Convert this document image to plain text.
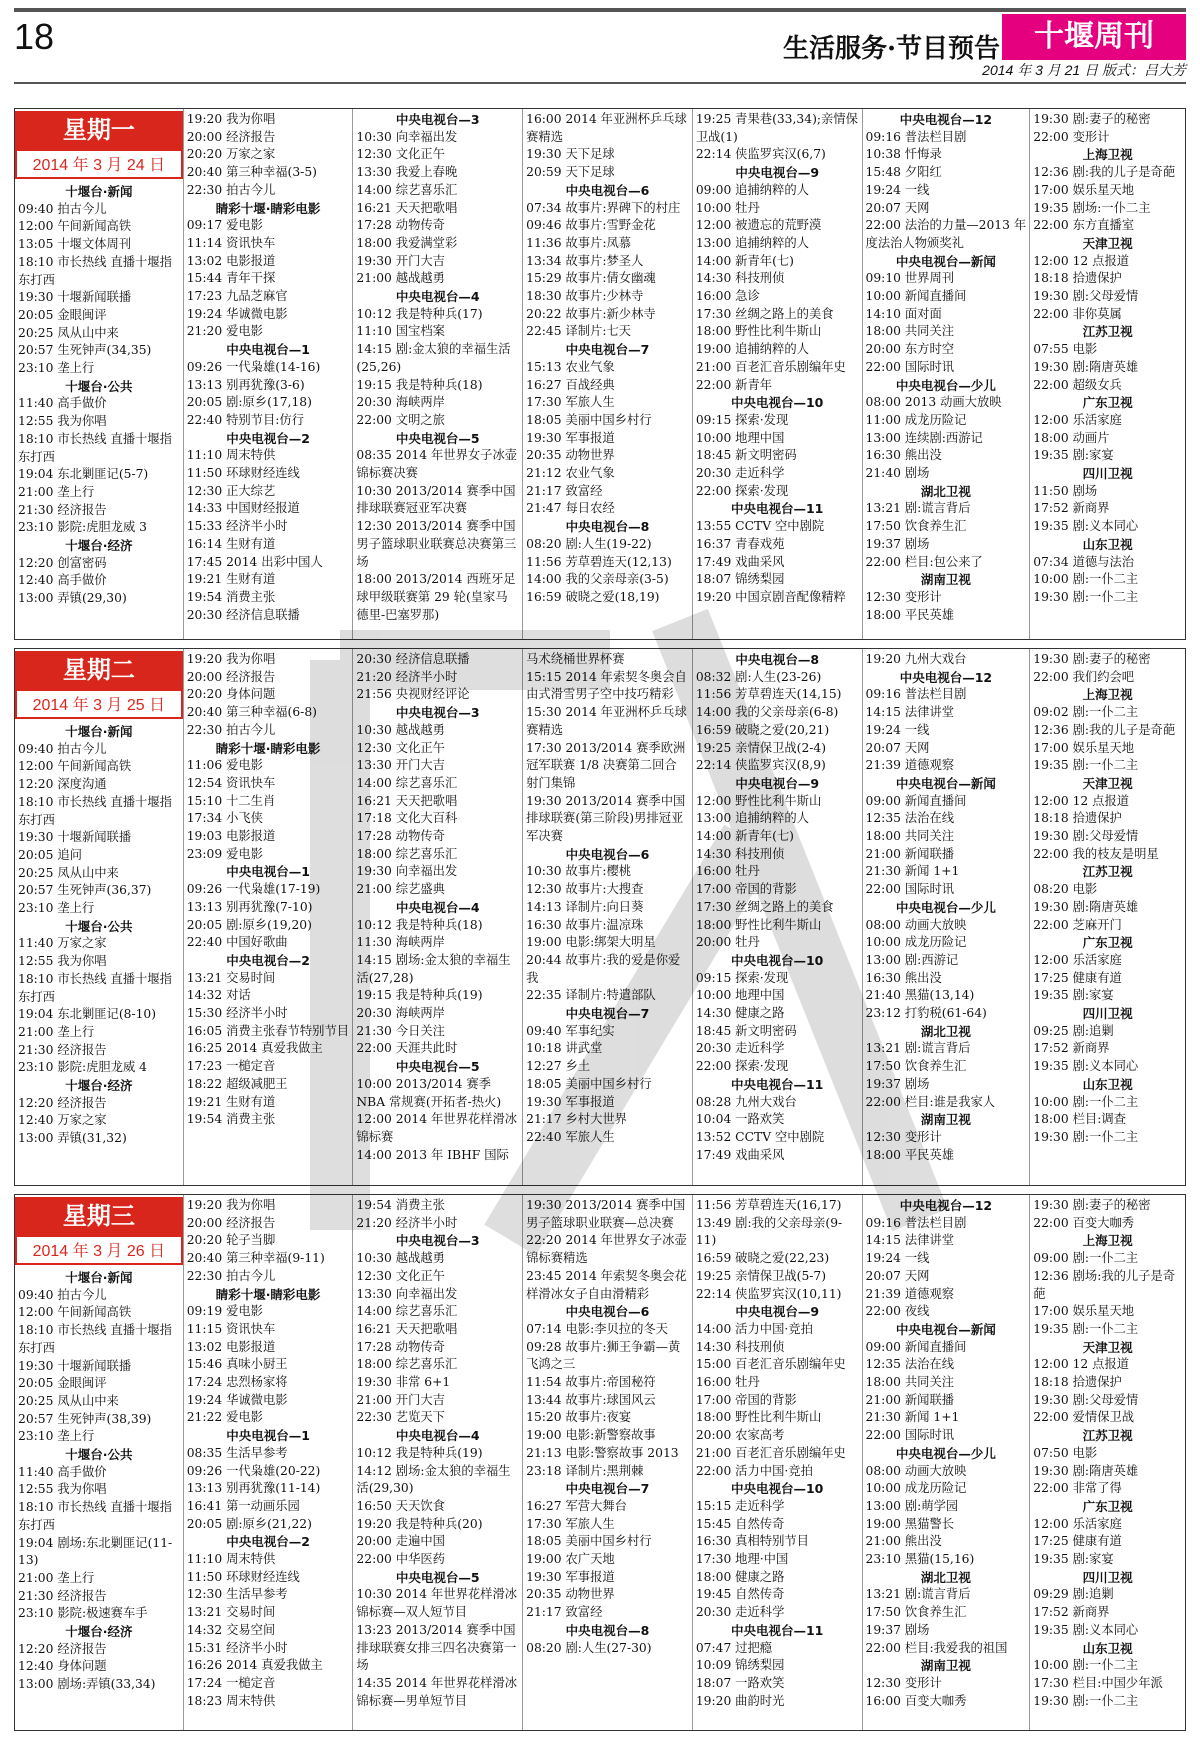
18	生活服务·节目预告	十堰周刊
2014 年 3 月 21 日 版式：吕大芳
星期一
2014 年 3 月 24 日
十堰台·新闻
09:40 拍古今儿
12:00 午间新闻高铁
13:05 十堰文体周刊
18:10 市长热线 直播十堰指东打西
19:30 十堰新闻联播
20:05 金眼闽评
20:25 凤从山中来
20:57 生死钟声(34,35)
23:10 垄上行
十堰台·公共
11:40 高手做价
12:55 我为你唱
18:10 市长热线 直播十堰指东打西
19:04 东北剿匪记(5-7)
21:00 垄上行
21:30 经济报告
23:10 影院:虎胆龙威 3
十堰台·经济
12:20 创富密码
12:40 高手做价
13:00 弄镇(29,30)
19:20 我为你唱
20:00 经济报告
20:20 万家之家
20:40 第三种幸福(3-5)
22:30 拍古今儿
睛彩十堰·睛彩电影
09:17 爱电影
11:14 资讯快车
13:02 电影报道
15:44 青年干探
17:23 九品芝麻官
19:24 华诚微电影
21:20 爱电影
中央电视台—1
09:26 一代枭雄(14-16)
13:13 别再犹豫(3-6)
20:05 剧:原乡(17,18)
22:40 特别节目:仿行
中央电视台—2
11:10 周末特供
11:50 环球财经连线
12:30 正大综艺
14:33 中国财经报道
15:33 经济半小时
16:14 生财有道
17:45 2014 出彩中国人
19:21 生财有道
19:54 消费主张
20:30 经济信息联播
中央电视台—3
10:30 向幸福出发
12:30 文化正午
13:30 我爱上春晚
14:00 综艺喜乐汇
16:21 天天把歌唱
17:28 动物传奇
18:00 我爱满堂彩
19:30 开门大吉
21:00 越战越勇
中央电视台—4
10:12 我是特种兵(17)
11:10 国宝档案
14:15 剧:金太狼的幸福生活(25,26)
19:15 我是特种兵(18)
20:30 海峡两岸
22:00 文明之旅
中央电视台—5
08:35 2014 年世界女子冰壶锦标赛决赛
10:30 2013/2014 赛季中国排球联赛冠亚军决赛
12:30 2013/2014 赛季中国男子篮球职业联赛总决赛第三场
18:00 2013/2014 西班牙足球甲级联赛第 29 轮(皇家马德里-巴塞罗那)
16:00 2014 年亚洲杯乒乓球赛精选
19:30 天下足球
20:59 天下足球
中央电视台—6
07:34 故事片:界碑下的村庄
09:46 故事片:雪野金花
11:36 故事片:凤慕
13:34 故事片:梦圣人
15:29 故事片:倩女幽魂
18:30 故事片:少林寺
20:22 故事片:新少林寺
22:45 译制片:七天
中央电视台—7
15:13 农业气象
16:27 百战经典
17:30 军旅人生
18:05 美丽中国乡村行
19:30 军事报道
20:35 动物世界
21:12 农业气象
21:17 致富经
21:47 每日农经
中央电视台—8
08:20 剧:人生(19-22)
11:56 芳草碧连天(12,13)
14:00 我的父亲母亲(3-5)
16:59 破晓之爱(18,19)
19:25 青果巷(33,34);亲情保卫战(1)
22:14 侠监罗宾汉(6,7)
中央电视台—9
09:00 追捕纳粹的人
10:00 牡丹
12:00 被遗忘的荒野漠
13:00 追捕纳粹的人
14:00 新青年(七)
14:30 科技刑侦
16:00 急诊
17:30 丝绸之路上的美食
18:00 野性比利牛斯山
19:00 追捕纳粹的人
21:00 百老汇音乐剧编年史
22:00 新青年
中央电视台—10
09:15 探索·发现
10:00 地理中国
18:45 新文明密码
20:30 走近科学
22:00 探索·发现
中央电视台—11
13:55 CCTV 空中剧院
16:37 青春戏苑
17:49 戏曲采风
18:07 锦绣梨园
19:20 中国京剧音配像精粹
中央电视台—12
09:16 普法栏目剧
10:38 忏悔录
15:48 夕阳红
19:24 一线
20:07 天网
22:00 法治的力量—2013 年度法治人物颁奖礼
中央电视台—新闻
09:10 世界周刊
10:00 新闻直播间
14:10 面对面
18:00 共同关注
20:00 东方时空
22:00 国际时讯
中央电视台—少儿
08:00 2013 动画大放映
11:00 成龙历险记
13:00 连续剧:西游记
16:30 熊出没
21:40 剧场
湖北卫视
13:21 剧:谎言背后
17:50 饮食养生汇
19:37 剧场
22:00 栏目:包公来了
湖南卫视
12:30 变形计
18:00 平民英雄
19:30 剧:妻子的秘密
22:00 变形计
上海卫视
12:36 剧:我的儿子是奇葩
17:00 娱乐星天地
19:35 剧场:一仆二主
22:00 东方直播室
天津卫视
12:00 12 点报道
18:18 拾遗保护
19:30 剧:父母爱情
22:00 非你莫属
江苏卫视
07:55 电影
19:30 剧:隋唐英雄
22:00 超级女兵
广东卫视
12:00 乐活家庭
18:00 动画片
19:35 剧:家宴
四川卫视
11:50 剧场
17:52 新商界
19:35 剧:义本同心
山东卫视
07:34 道德与法治
10:00 剧:一仆二主
19:30 剧:一仆二主
星期二
2014 年 3 月 25 日
十堰台·新闻
09:40 拍古今儿
12:00 午间新闻高铁
12:20 深度沟通
18:10 市长热线 直播十堰指东打西
19:30 十堰新闻联播
20:05 追问
20:25 凤从山中来
20:57 生死钟声(36,37)
23:10 垄上行
十堰台·公共
11:40 万家之家
12:55 我为你唱
18:10 市长热线 直播十堰指东打西
19:04 东北剿匪记(8-10)
21:00 垄上行
21:30 经济报告
23:10 影院:虎胆龙威 4
十堰台·经济
12:20 经济报告
12:40 万家之家
13:00 弄镇(31,32)
19:20 我为你唱
20:00 经济报告
20:20 身体问题
20:40 第三种幸福(6-8)
22:30 拍古今儿
睛彩十堰·睛彩电影
11:06 爱电影
12:54 资讯快车
15:10 十二生肖
17:34 小飞侠
19:03 电影报道
23:09 爱电影
中央电视台—1
09:26 一代枭雄(17-19)
13:13 别再犹豫(7-10)
20:05 剧:原乡(19,20)
22:40 中国好歌曲
中央电视台—2
13:21 交易时间
14:32 对话
15:30 经济半小时
16:05 消费主张春节特别节目
16:25 2014 真爱我做主
17:23 一槌定音
18:22 超级减肥王
19:21 生财有道
19:54 消费主张
20:30 经济信息联播
21:20 经济半小时
21:56 央视财经评论
中央电视台—3
10:30 越战越勇
12:30 文化正午
13:30 开门大吉
14:00 综艺喜乐汇
16:21 天天把歌唱
17:18 文化大百科
17:28 动物传奇
18:00 综艺喜乐汇
19:30 向幸福出发
21:00 综艺盛典
中央电视台—4
10:12 我是特种兵(18)
11:30 海峡两岸
14:15 剧场:金太狼的幸福生活(27,28)
19:15 我是特种兵(19)
20:30 海峡两岸
21:30 今日关注
22:00 天涯共此时
中央电视台—5
10:00 2013/2014 赛季NBA 常规赛(开拓者-热火)
12:00 2014 年世界花样滑冰锦标赛
14:00 2013 年 IBHF 国际
马术绕桶世界杯赛
15:15 2014 年索契冬奥会自由式滑雪男子空中技巧精彩
15:30 2014 年亚洲杯乒乓球赛精选
17:30 2013/2014 赛季欧洲冠军联赛 1/8 决赛第二回合射门集锦
19:30 2013/2014 赛季中国排球联赛(第三阶段)男排冠亚军决赛
中央电视台—6
10:30 故事片:樱桃
12:30 故事片:大搜查
14:13 译制片:向日葵
16:30 故事片:温凉珠
19:00 电影:绑架大明星
20:44 故事片:我的爱是你爱我
22:35 译制片:特遣部队
中央电视台—7
09:40 军事纪实
10:18 讲武堂
12:27 乡土
18:05 美丽中国乡村行
19:30 军事报道
21:17 乡村大世界
22:40 军旅人生
中央电视台—8
08:32 剧:人生(23-26)
11:56 芳草碧连天(14,15)
14:00 我的父亲母亲(6-8)
16:59 破晓之爱(20,21)
19:25 亲情保卫战(2-4)
22:14 侠监罗宾汉(8,9)
中央电视台—9
12:00 野性比利牛斯山
13:00 追捕纳粹的人
14:00 新青年(七)
14:30 科技刑侦
16:00 牡丹
17:00 帝国的背影
17:30 丝绸之路上的美食
18:00 野性比利牛斯山
20:00 牡丹
中央电视台—10
09:15 探索·发现
10:00 地理中国
14:30 健康之路
18:45 新文明密码
20:30 走近科学
22:00 探索·发现
中央电视台—11
08:28 九州大戏台
10:04 一路欢笑
13:52 CCTV 空中剧院
17:49 戏曲采风
19:20 九州大戏台
中央电视台—12
09:16 普法栏目剧
14:15 法律讲堂
19:24 一线
20:07 天网
21:39 道德观察
中央电视台—新闻
09:00 新闻直播间
12:35 法治在线
18:00 共同关注
21:00 新闻联播
21:30 新闻 1+1
22:00 国际时讯
中央电视台—少儿
08:00 动画大放映
10:00 成龙历险记
13:00 剧:西游记
16:30 熊出没
21:40 黑猫(13,14)
23:12 打豹税(61-64)
湖北卫视
13:21 剧:谎言背后
17:50 饮食养生汇
19:37 剧场
22:00 栏目:谁是我家人
湖南卫视
12:30 变形计
18:00 平民英雄
19:30 剧:妻子的秘密
22:00 我们约会吧
上海卫视
09:02 剧:一仆二主
12:36 剧:我的儿子是奇葩
17:00 娱乐星天地
19:35 剧:一仆二主
天津卫视
12:00 12 点报道
18:18 拾遗保护
19:30 剧:父母爱情
22:00 我的枝友是明星
江苏卫视
08:20 电影
19:30 剧:隋唐英雄
22:00 芝麻开门
广东卫视
12:00 乐活家庭
17:25 健康有道
19:35 剧:家宴
四川卫视
09:25 剧:追剿
17:52 新商界
19:35 剧:义本同心
山东卫视
10:00 剧:一仆二主
18:00 栏目:调查
19:30 剧:一仆二主
星期三
2014 年 3 月 26 日
十堰台·新闻
09:40 拍古今儿
12:00 午间新闻高铁
18:10 市长热线 直播十堰指东打西
19:30 十堰新闻联播
20:05 金眼闽评
20:25 凤从山中来
20:57 生死钟声(38,39)
23:10 垄上行
十堰台·公共
11:40 高手做价
12:55 我为你唱
18:10 市长热线 直播十堰指东打西
19:04 剧场:东北剿匪记(11-13)
21:00 垄上行
21:30 经济报告
23:10 影院:极速赛车手
十堰台·经济
12:20 经济报告
12:40 身体问题
13:00 剧场:弄镇(33,34)
19:20 我为你唱
20:00 经济报告
20:20 轮子当脚
20:40 第三种幸福(9-11)
22:30 拍古今儿
睛彩十堰·睛彩电影
09:19 爱电影
11:15 资讯快车
13:02 电影报道
15:46 真味小厨王
17:24 忠烈杨家将
19:24 华诚微电影
21:22 爱电影
中央电视台—1
08:35 生活早参考
09:26 一代枭雄(20-22)
13:13 别再犹豫(11-14)
16:41 第一动画乐园
20:05 剧:原乡(21,22)
中央电视台—2
11:10 周末特供
11:50 环球财经连线
12:30 生活早参考
13:21 交易时间
14:32 交易空间
15:31 经济半小时
16:26 2014 真爱我做主
17:24 一槌定音
18:23 周末特供
19:54 消费主张
21:20 经济半小时
中央电视台—3
10:30 越战越勇
12:30 文化正午
13:30 向幸福出发
14:00 综艺喜乐汇
16:21 天天把歌唱
17:28 动物传奇
18:00 综艺喜乐汇
19:30 非常 6+1
21:00 开门大吉
22:30 艺览天下
中央电视台—4
10:12 我是特种兵(19)
14:12 剧场:金太狼的幸福生活(29,30)
16:50 天天饮食
19:20 我是特种兵(20)
20:00 走遍中国
22:00 中华医药
中央电视台—5
10:30 2014 年世界花样滑冰锦标赛—双人短节目
13:23 2013/2014 赛季中国排球联赛女排三四名决赛第一场
14:35 2014 年世界花样滑冰锦标赛—男单短节目
19:30 2013/2014 赛季中国男子篮球职业联赛—总决赛
22:20 2014 年世界女子冰壶锦标赛精选
23:45 2014 年索契冬奥会花样滑冰女子自由滑精彩
中央电视台—6
07:14 电影:李贝拉的冬天
09:28 故事片:狮王争霸—黄飞鸿之三
11:54 故事片:帝国秘符
13:44 故事片:球国风云
15:20 故事片:夜宴
19:00 电影:新警察故事
21:13 电影:警察故事 2013
23:18 译制片:黑荆棘
中央电视台—7
16:27 军营大舞台
17:30 军旅人生
18:05 美丽中国乡村行
19:00 农广天地
19:30 军事报道
20:35 动物世界
21:17 致富经
中央电视台—8
08:20 剧:人生(27-30)
11:56 芳草碧连天(16,17)
13:49 剧:我的父亲母亲(9-11)
16:59 破晓之爱(22,23)
19:25 亲情保卫战(5-7)
22:14 侠监罗宾汉(10,11)
中央电视台—9
14:00 活力中国·竞拍
14:30 科技刑侦
15:00 百老汇音乐剧编年史
16:00 牡丹
17:00 帝国的背影
18:00 野性比利牛斯山
20:00 农家高考
21:00 百老汇音乐剧编年史
22:00 活力中国·竞拍
中央电视台—10
15:15 走近科学
15:45 自然传奇
16:30 真相特别节目
17:30 地理·中国
18:00 健康之路
19:45 自然传奇
20:30 走近科学
中央电视台—11
07:47 过把瘾
10:09 锦绣梨园
18:07 一路欢笑
19:20 曲韵时光
中央电视台—12
09:16 普法栏目剧
14:15 法律讲堂
19:24 一线
20:07 天网
21:39 道德观察
22:00 夜线
中央电视台—新闻
09:00 新闻直播间
12:35 法治在线
18:00 共同关注
21:00 新闻联播
21:30 新闻 1+1
22:00 国际时讯
中央电视台—少儿
08:00 动画大放映
10:00 成龙历险记
13:00 剧:萌学园
19:00 黑猫警长
21:00 熊出没
23:10 黑猫(15,16)
湖北卫视
13:21 剧:谎言背后
17:50 饮食养生汇
19:37 剧场
22:00 栏目:我爱我的祖国
湖南卫视
12:30 变形计
16:00 百变大咖秀
19:30 剧:妻子的秘密
22:00 百变大咖秀
上海卫视
09:00 剧:一仆二主
12:36 剧场:我的儿子是奇葩
17:00 娱乐星天地
19:35 剧:一仆二主
天津卫视
12:00 12 点报道
18:18 拾遗保护
19:30 剧:父母爱情
22:00 爱情保卫战
江苏卫视
07:50 电影
19:30 剧:隋唐英雄
22:00 非常了得
广东卫视
12:00 乐活家庭
17:25 健康有道
19:35 剧:家宴
四川卫视
09:29 剧:追剿
17:52 新商界
19:35 剧:义本同心
山东卫视
10:00 剧:一仆二主
17:30 栏目:中国少年派
19:30 剧:一仆二主
